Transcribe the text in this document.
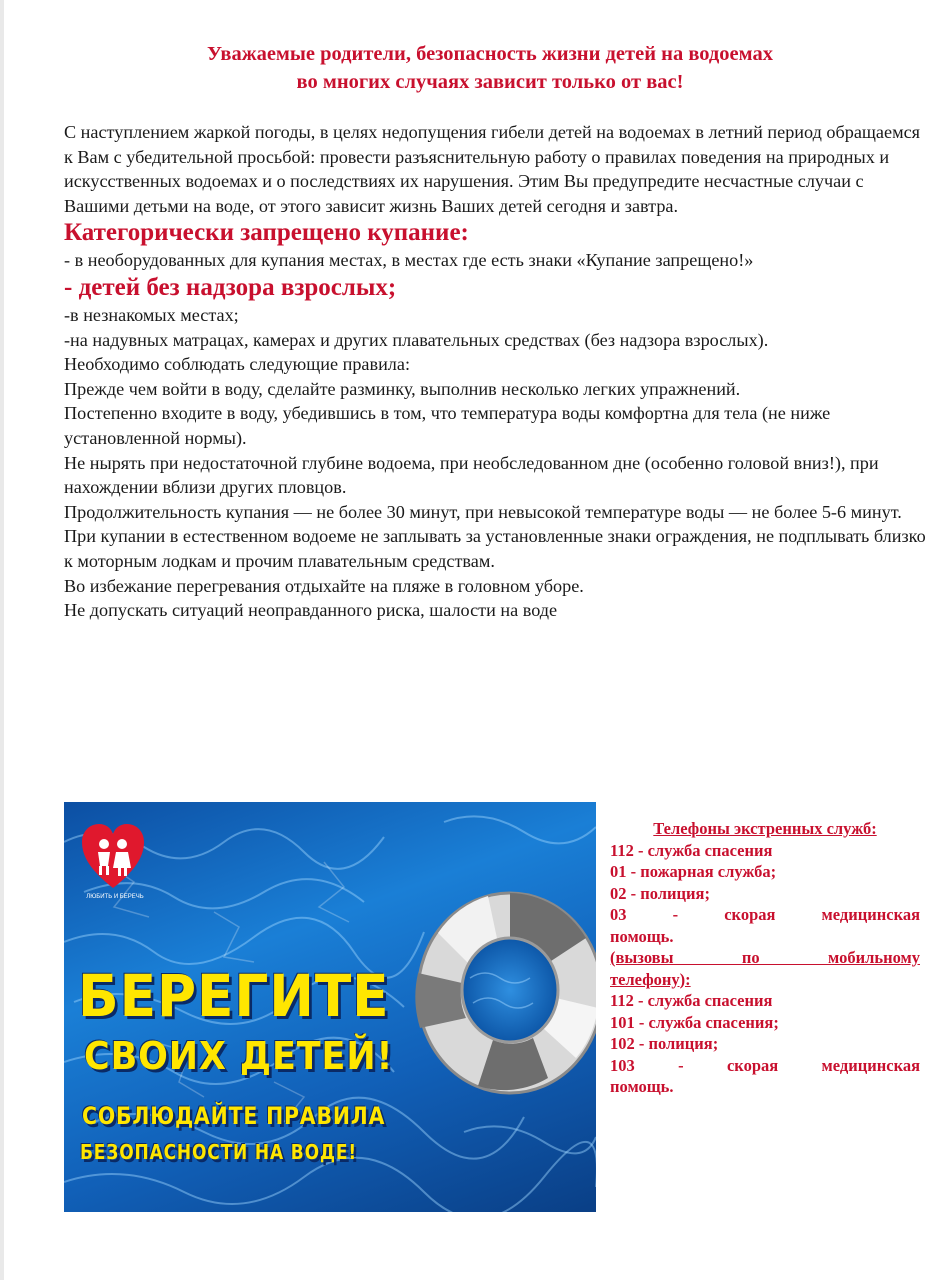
Уважаемые родители, безопасность жизни детей на водоемах
во многих случаях зависит только от вас!

С наступлением жаркой погоды, в целях недопущения гибели детей на водоемах в летний период обращаемся к Вам с убедительной просьбой: провести разъяснительную работу о правилах поведения на природных и искусственных водоемах и о последствиях их нарушения. Этим Вы предупредите несчастные случаи с Вашими детьми на воде, от этого зависит жизнь Ваших детей сегодня и завтра.

Категорически запрещено купание:

- в необорудованных для купания местах, в местах где есть знаки «Купание запрещено!»

- детей без надзора взрослых;

-в незнакомых местах;

-на надувных матрацах, камерах и других плавательных средствах (без надзора взрослых).

Необходимо соблюдать следующие правила:

Прежде чем войти в воду, сделайте разминку, выполнив несколько легких упражнений.

Постепенно входите в воду, убедившись в том, что температура воды комфортна для тела (не ниже установленной нормы).

Не нырять при недостаточной глубине водоема, при необследованном дне (особенно головой вниз!), при нахождении вблизи других пловцов.

Продолжительность купания — не более 30 минут, при невысокой температуре воды — не более 5-6 минут.

При купании в естественном водоеме не заплывать за установленные знаки ограждения, не подплывать близко к моторным лодкам и прочим плавательным средствам.

Во избежание перегревания отдыхайте на пляже в головном уборе.

Не допускать ситуаций неоправданного риска, шалости на воде

ЛЮБИТЬ И БЕРЕЧЬ
БЕРЕГИТЕ
СВОИХ ДЕТЕЙ!
СОБЛЮДАЙТЕ ПРАВИЛА
БЕЗОПАСНОСТИ НА ВОДЕ!
Телефоны экстренных служб:
112 - служба спасения
01 - пожарная служба;
02 - полиция;
03 - скорая медицинская
помощь.
(вызовы по мобильному
телефону):
112 - служба спасения
101 - служба спасения;
102 - полиция;
103 - скорая медицинская
помощь.
